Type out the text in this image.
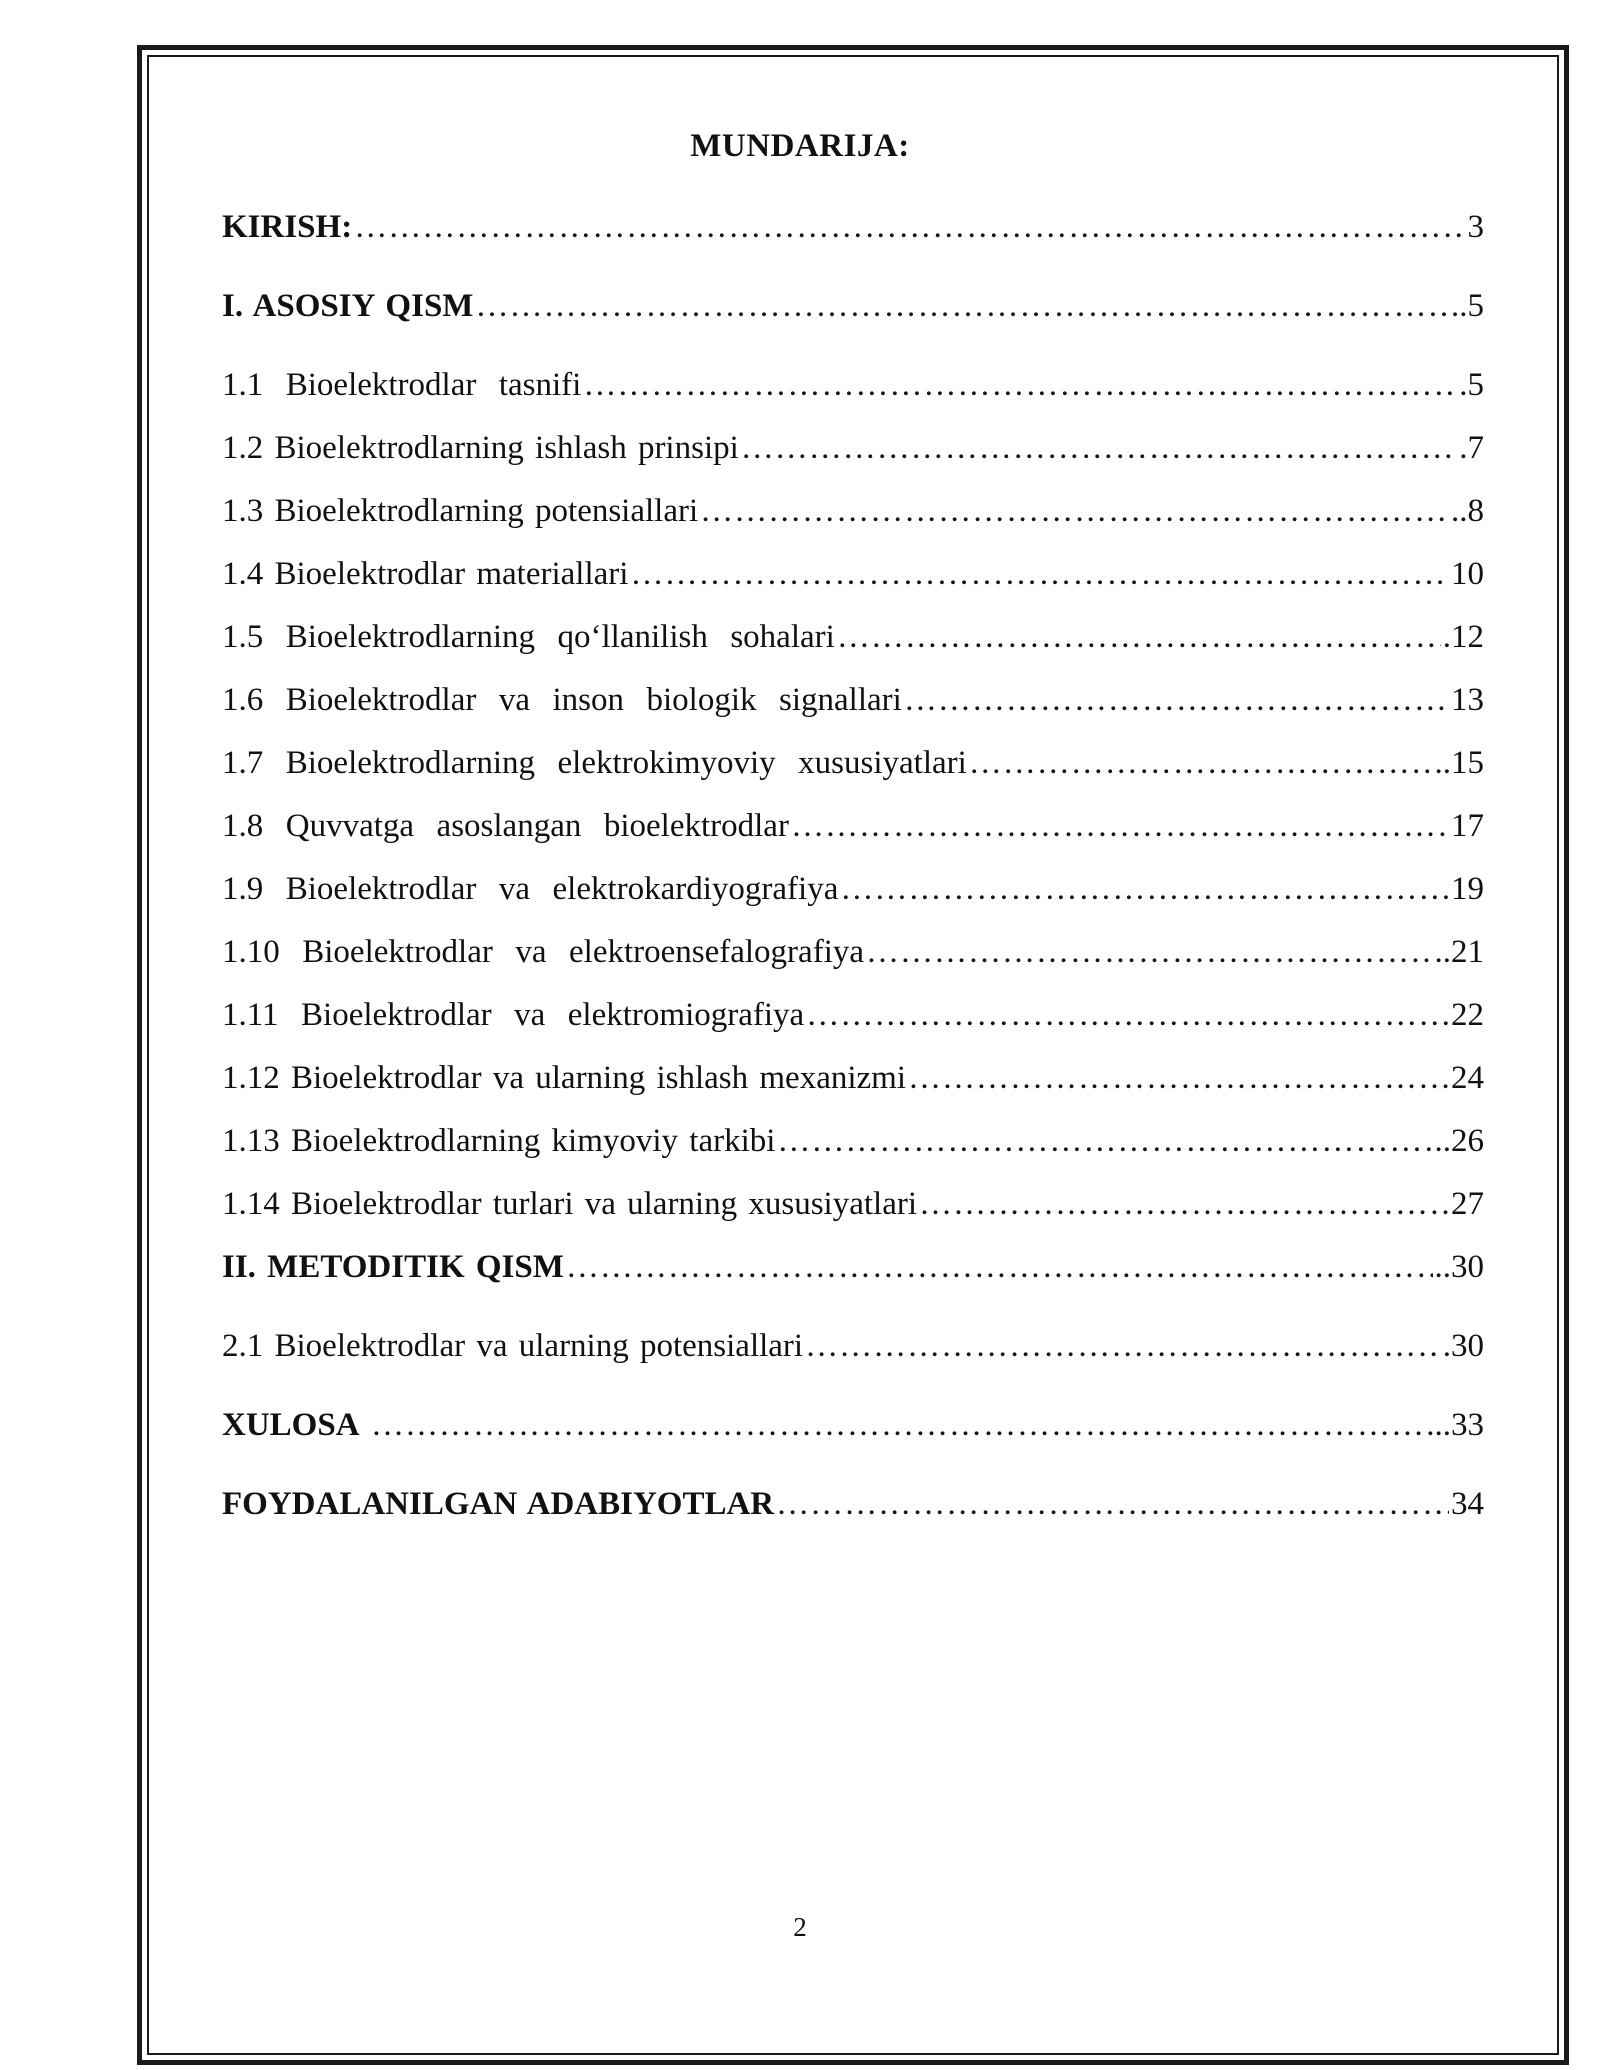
MUNDARIJA:
KIRISH: ………………………………………………………………………………………………………………………………………………………………	3
I. ASOSIY QISM ………………………………………………………………………………………………………………………………………………………………	.5
1.1  Bioelektrodlar  tasnifi ………………………………………………………………………………………………………………………………………………………………	.5
1.2 Bioelektrodlarning ishlash prinsipi ………………………………………………………………………………………………………………………………………………………………	.7
1.3 Bioelektrodlarning potensiallari ………………………………………………………………………………………………………………………………………………………………	..8
1.4 Bioelektrodlar materiallari ………………………………………………………………………………………………………………………………………………………………	10
1.5  Bioelektrodlarning  qo‘llanilish  sohalari ………………………………………………………………………………………………………………………………………………………………	.12
1.6  Bioelektrodlar  va  inson  biologik  signallari ………………………………………………………………………………………………………………………………………………………………	13
1.7  Bioelektrodlarning  elektrokimyoviy  xususiyatlari ………………………………………………………………………………………………………………………………………………………………	..15
1.8  Quvvatga  asoslangan  bioelektrodlar ………………………………………………………………………………………………………………………………………………………………	17
1.9  Bioelektrodlar  va  elektrokardiyografiya ………………………………………………………………………………………………………………………………………………………………	19
1.10  Bioelektrodlar  va  elektroensefalografiya ………………………………………………………………………………………………………………………………………………………………	..21
1.11  Bioelektrodlar  va  elektromiografiya ………………………………………………………………………………………………………………………………………………………………	22
1.12 Bioelektrodlar va ularning ishlash mexanizmi ………………………………………………………………………………………………………………………………………………………………	24
1.13 Bioelektrodlarning kimyoviy tarkibi ………………………………………………………………………………………………………………………………………………………………	..26
1.14 Bioelektrodlar turlari va ularning xususiyatlari ………………………………………………………………………………………………………………………………………………………………	27
II. METODITIK QISM ………………………………………………………………………………………………………………………………………………………………	..30
2.1 Bioelektrodlar va ularning potensiallari ………………………………………………………………………………………………………………………………………………………………	.30
XULOSA ………………………………………………………………………………………………………………………………………………………………	...33
FOYDALANILGAN ADABIYOTLAR ………………………………………………………………………………………………………………………………………………………………	34
2
